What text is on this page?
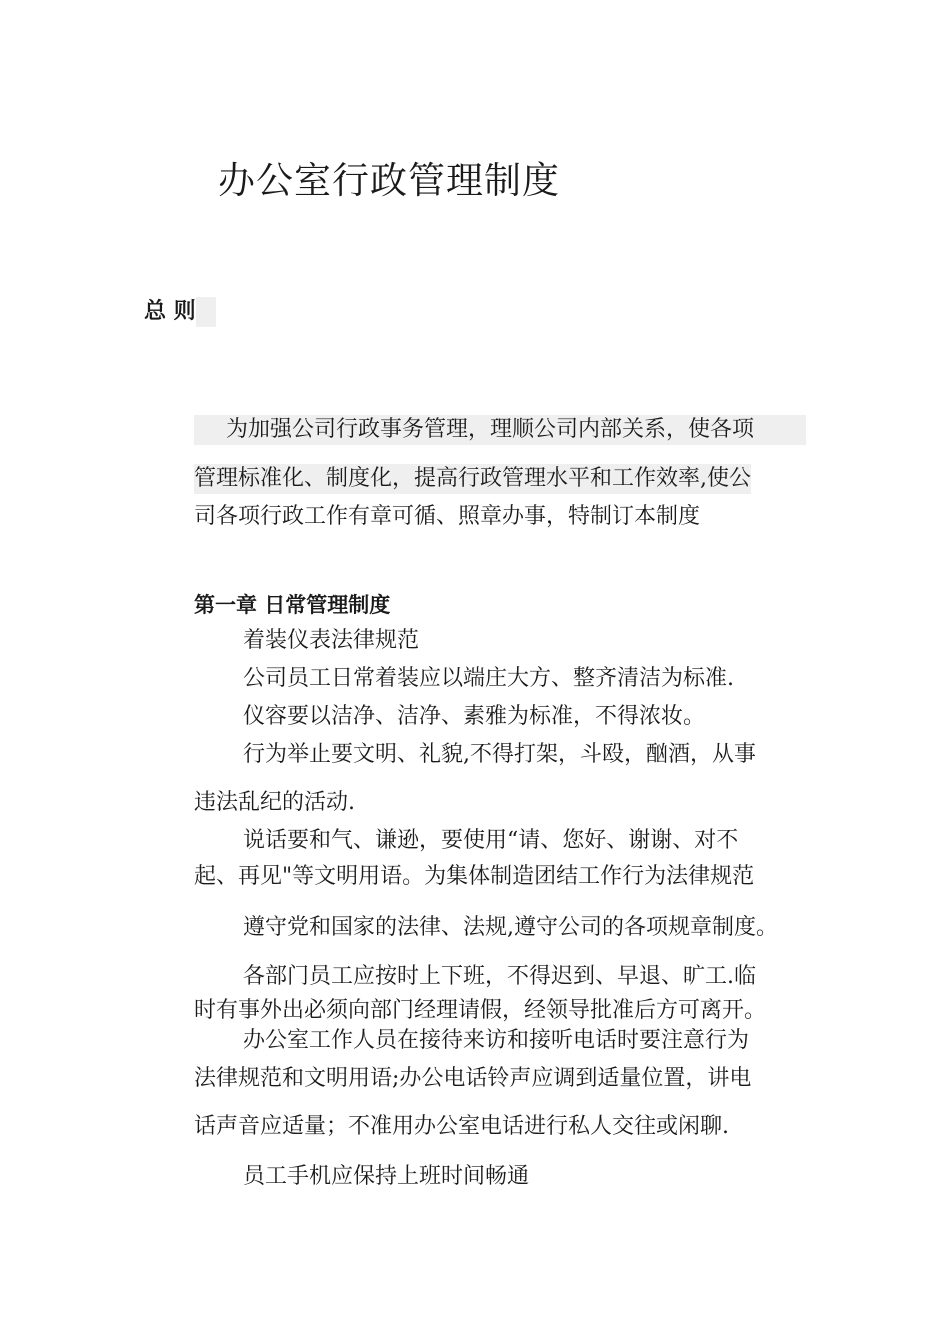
办公室行政管理制度
总 则
为加强公司行政事务管理，理顺公司内部关系，使各项
管理标准化、制度化，提高行政管理水平和工作效率,使公
司各项行政工作有章可循、照章办事，特制订本制度
第一章 日常管理制度
着装仪表法律规范
公司员工日常着装应以端庄大方、整齐清洁为标准.
仪容要以洁净、洁净、素雅为标准，不得浓妆。
行为举止要文明、礼貌,不得打架，斗殴，酗酒，从事
违法乱纪的活动.
说话要和气、谦逊，要使用“请、您好、谢谢、对不
起、再见"等文明用语。为集体制造团结工作行为法律规范
遵守党和国家的法律、法规,遵守公司的各项规章制度。
各部门员工应按时上下班，不得迟到、早退、旷工.临
时有事外出必须向部门经理请假，经领导批准后方可离开。
办公室工作人员在接待来访和接听电话时要注意行为
法律规范和文明用语;办公电话铃声应调到适量位置，讲电
话声音应适量；不准用办公室电话进行私人交往或闲聊.
员工手机应保持上班时间畅通
